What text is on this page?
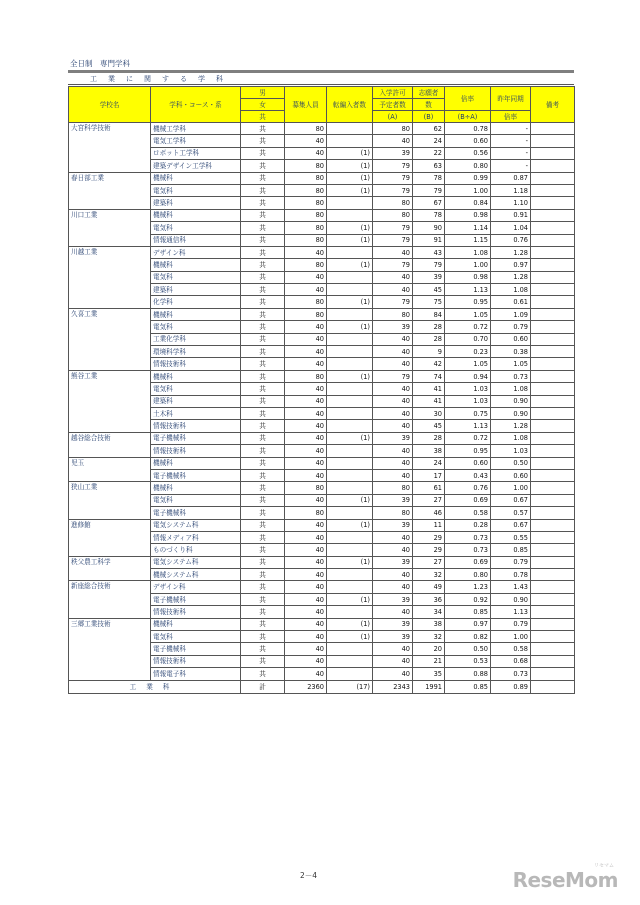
全日制　専門学科
工業に関する学科
学校名	学科・コース・系	男	募集人員	転編入者数	入学許可	志願者	倍率	昨年同期	備考
		女			予定者数	数			
		共			(A)	(B)	(B÷A)	倍率	
大宮科学技術	機械工学科	共	80		80	62	0.78	-	
	電気工学科	共	40		40	24	0.60	-	
	ロボット工学科	共	40	(1)	39	22	0.56	-	
	建築デザイン工学科	共	80	(1)	79	63	0.80	-	
春日部工業	機械科	共	80	(1)	79	78	0.99	0.87	
	電気科	共	80	(1)	79	79	1.00	1.18	
	建築科	共	80		80	67	0.84	1.10	
川口工業	機械科	共	80		80	78	0.98	0.91	
	電気科	共	80	(1)	79	90	1.14	1.04	
	情報通信科	共	80	(1)	79	91	1.15	0.76	
川越工業	デザイン科	共	40		40	43	1.08	1.28	
	機械科	共	80	(1)	79	79	1.00	0.97	
	電気科	共	40		40	39	0.98	1.28	
	建築科	共	40		40	45	1.13	1.08	
	化学科	共	80	(1)	79	75	0.95	0.61	
久喜工業	機械科	共	80		80	84	1.05	1.09	
	電気科	共	40	(1)	39	28	0.72	0.79	
	工業化学科	共	40		40	28	0.70	0.60	
	環境科学科	共	40		40	9	0.23	0.38	
	情報技術科	共	40		40	42	1.05	1.05	
熊谷工業	機械科	共	80	(1)	79	74	0.94	0.73	
	電気科	共	40		40	41	1.03	1.08	
	建築科	共	40		40	41	1.03	0.90	
	土木科	共	40		40	30	0.75	0.90	
	情報技術科	共	40		40	45	1.13	1.28	
越谷総合技術	電子機械科	共	40	(1)	39	28	0.72	1.08	
	情報技術科	共	40		40	38	0.95	1.03	
児玉	機械科	共	40		40	24	0.60	0.50	
	電子機械科	共	40		40	17	0.43	0.60	
狭山工業	機械科	共	80		80	61	0.76	1.00	
	電気科	共	40	(1)	39	27	0.69	0.67	
	電子機械科	共	80		80	46	0.58	0.57	
進修館	電気システム科	共	40	(1)	39	11	0.28	0.67	
	情報メディア科	共	40		40	29	0.73	0.55	
	ものづくり科	共	40		40	29	0.73	0.85	
秩父農工科学	電気システム科	共	40	(1)	39	27	0.69	0.79	
	機械システム科	共	40		40	32	0.80	0.78	
新座総合技術	デザイン科	共	40		40	49	1.23	1.43	
	電子機械科	共	40	(1)	39	36	0.92	0.90	
	情報技術科	共	40		40	34	0.85	1.13	
三郷工業技術	機械科	共	40	(1)	39	38	0.97	0.79	
	電気科	共	40	(1)	39	32	0.82	1.00	
	電子機械科	共	40		40	20	0.50	0.58	
	情報技術科	共	40		40	21	0.53	0.68	
	情報電子科	共	40		40	35	0.88	0.73	
工業科		計	2360	(17)	2343	1991	0.85	0.89	
2－4
リセマム
ReseMom
